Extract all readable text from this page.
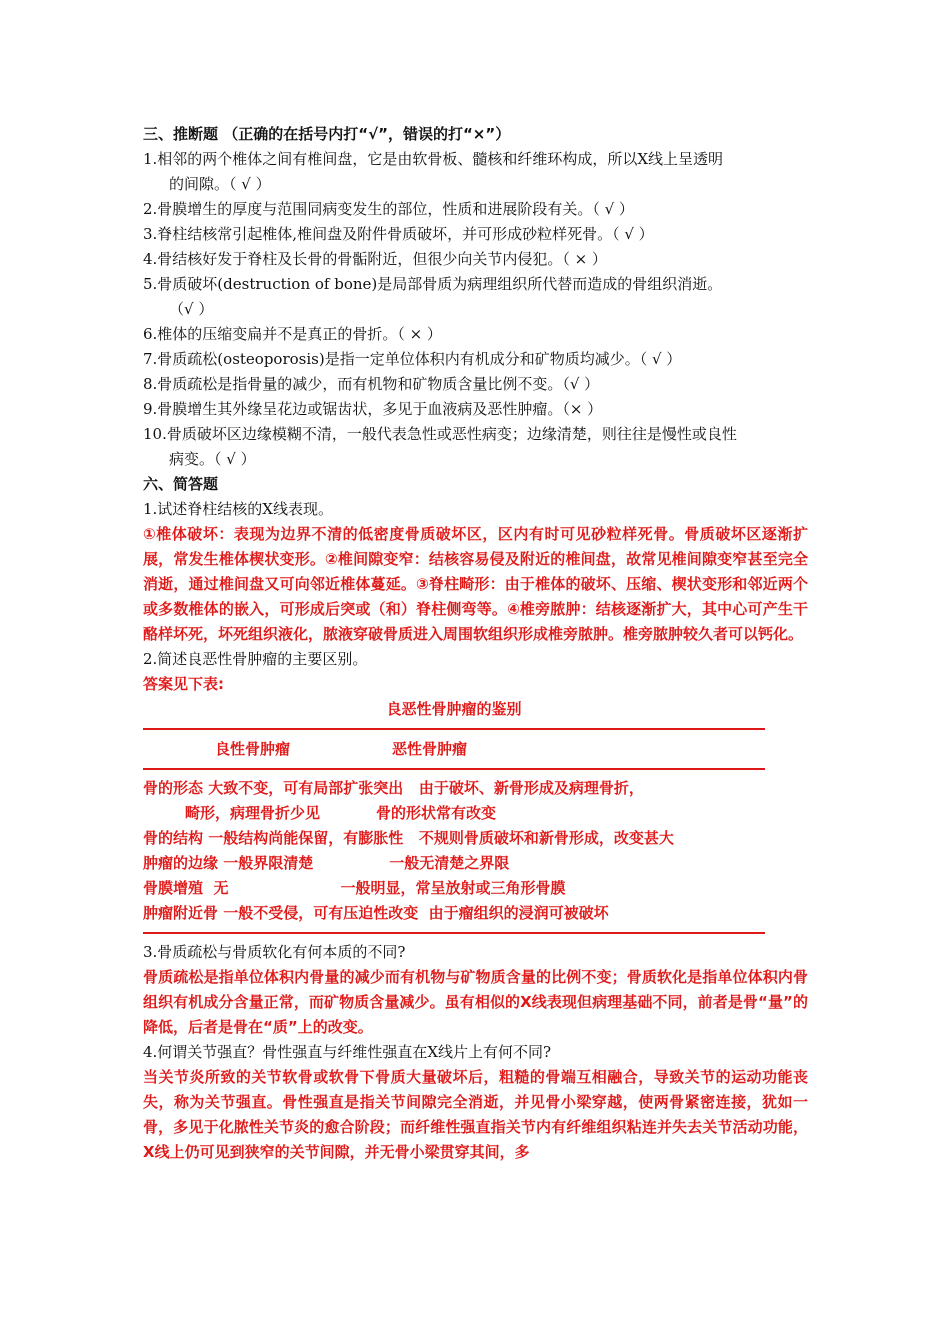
三、推断题 （正确的在括号内打“√”，错误的打“×”）
1.相邻的两个椎体之间有椎间盘，它是由软骨板、髓核和纤维环构成，所以X线上呈透明
的间隙。（ √ ）
2.骨膜增生的厚度与范围同病变发生的部位，性质和进展阶段有关。（ √ ）
3.脊柱结核常引起椎体,椎间盘及附件骨质破坏，并可形成砂粒样死骨。（ √ ）
4.骨结核好发于脊柱及长骨的骨骺附近，但很少向关节内侵犯。（ × ）
5.骨质破坏(destruction of bone)是局部骨质为病理组织所代替而造成的骨组织消逝。
（√ ）
6.椎体的压缩变扁并不是真正的骨折。（ × ）
7.骨质疏松(osteoporosis)是指一定单位体积内有机成分和矿物质均减少。（ √ ）
8.骨质疏松是指骨量的减少，而有机物和矿物质含量比例不变。（√ ）
9.骨膜增生其外缘呈花边或锯齿状，多见于血液病及恶性肿瘤。（× ）
10.骨质破坏区边缘模糊不清，一般代表急性或恶性病变；边缘清楚，则往往是慢性或良性
病变。（ √ ）
六、简答题
1.试述脊柱结核的X线表现。
①椎体破坏：表现为边界不清的低密度骨质破坏区，区内有时可见砂粒样死骨。骨质破坏区逐渐扩展，常发生椎体楔状变形。②椎间隙变窄：结核容易侵及附近的椎间盘，故常见椎间隙变窄甚至完全消逝，通过椎间盘又可向邻近椎体蔓延。③脊柱畸形：由于椎体的破坏、压缩、楔状变形和邻近两个或多数椎体的嵌入，可形成后突或（和）脊柱侧弯等。④椎旁脓肿：结核逐渐扩大，其中心可产生干酪样坏死，坏死组织液化，脓液穿破骨质进入周围软组织形成椎旁脓肿。椎旁脓肿较久者可以钙化。
2.简述良恶性骨肿瘤的主要区别。
答案见下表:
良恶性骨肿瘤的鉴别
良性骨肿瘤	恶性骨肿瘤
骨的形态 大致不变，可有局部扩张突出   由于破坏、新骨形成及病理骨折，
畸形，病理骨折少见	骨的形状常有改变
骨的结构 一般结构尚能保留，有膨胀性   不规则骨质破坏和新骨形成，改变甚大
肿瘤的边缘 一般界限清楚	一般无清楚之界限
骨膜增殖  无	一般明显，常呈放射或三角形骨膜
肿瘤附近骨 一般不受侵，可有压迫性改变  由于瘤组织的浸润可被破坏
3.骨质疏松与骨质软化有何本质的不同?
骨质疏松是指单位体积内骨量的减少而有机物与矿物质含量的比例不变；骨质软化是指单位体积内骨组织有机成分含量正常，而矿物质含量减少。虽有相似的X线表现但病理基础不同，前者是骨“量”的降低，后者是骨在“质”上的改变。
4.何谓关节强直？骨性强直与纤维性强直在X线片上有何不同?
当关节炎所致的关节软骨或软骨下骨质大量破坏后，粗糙的骨端互相融合，导致关节的运动功能丧失，称为关节强直。骨性强直是指关节间隙完全消逝，并见骨小梁穿越，使两骨紧密连接，犹如一骨，多见于化脓性关节炎的愈合阶段；而纤维性强直指关节内有纤维组织粘连并失去关节活动功能，X线上仍可见到狭窄的关节间隙，并无骨小梁贯穿其间，多
